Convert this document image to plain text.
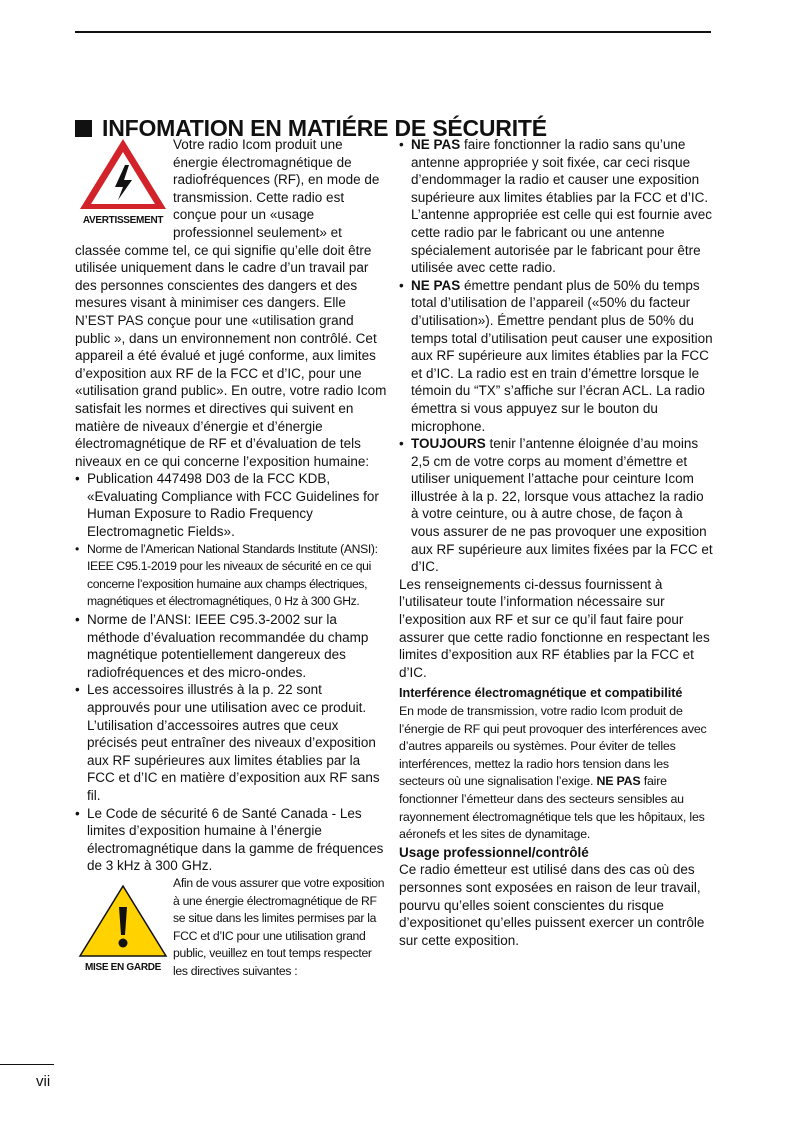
INFOMATION EN MATIÉRE DE SÉCURITÉ
AVERTISSEMENT

Votre radio Icom produit une énergie électromagnétique de radiofréquences (RF), en mode de transmission. Cette radio est conçue pour un «usage professionnel seulement» et classée comme tel, ce qui signifie qu’elle doit être utilisée uniquement dans le cadre d’un travail par des personnes conscientes des dangers et des mesures visant à minimiser ces dangers. Elle N’EST PAS conçue pour une «utilisation grand public », dans un environnement non contrôlé. Cet appareil a été évalué et jugé conforme, aux limites d’exposition aux RF de la FCC et d’IC, pour une «utilisation grand public». En outre, votre radio Icom satisfait les normes et directives qui suivent en matière de niveaux d’énergie et d’énergie électromagnétique de RF et d’évaluation de tels niveaux en ce qui concerne l’exposition humaine:

• Publication 447498 D03 de la FCC KDB, «Evaluating Compliance with FCC Guidelines for Human Exposure to Radio Frequency Electromagnetic Fields».
• Norme de l’American National Standards Institute (ANSI): IEEE C95.1-2019 pour les niveaux de sécurité en ce qui concerne l’exposition humaine aux champs électriques, magnétiques et électromagnétiques, 0 Hz à 300 GHz.
• Norme de l’ANSI: IEEE C95.3-2002 sur la méthode d’évaluation recommandée du champ magnétique potentiellement dangereux des radiofréquences et des micro-ondes.
• Les accessoires illustrés à la p. 22 sont approuvés pour une utilisation avec ce produit. L’utilisation d’accessoires autres que ceux précisés peut entraîner des niveaux d’exposition aux RF supérieures aux limites établies par la FCC et d’IC en matière d’exposition aux RF sans fil.
• Le Code de sécurité 6 de Santé Canada - Les limites d’exposition humaine à l’énergie électromagnétique dans la gamme de fréquences de 3 kHz à 300 GHz.
MISE EN GARDE

Afin de vous assurer que votre exposition à une énergie électromagnétique de RF se situe dans les limites permises par la FCC et d’IC pour une utilisation grand public, veuillez en tout temps respecter les directives suivantes :

• NE PAS faire fonctionner la radio sans qu’une antenne appropriée y soit fixée, car ceci risque d’endommager la radio et causer une exposition supérieure aux limites établies par la FCC et d’IC. L’antenne appropriée est celle qui est fournie avec cette radio par le fabricant ou une antenne spécialement autorisée par le fabricant pour être utilisée avec cette radio.
• NE PAS émettre pendant plus de 50% du temps total d’utilisation de l’appareil («50% du facteur d’utilisation»). Émettre pendant plus de 50% du temps total d’utilisation peut causer une exposition aux RF supérieure aux limites établies par la FCC et d’IC. La radio est en train d’émettre lorsque le témoin du “TX” s’affiche sur l’écran ACL. La radio émettra si vous appuyez sur le bouton du microphone.
• TOUJOURS tenir l’antenne éloignée d’au moins 2,5 cm de votre corps au moment d’émettre et utiliser uniquement l’attache pour ceinture Icom illustrée à la p. 22, lorsque vous attachez la radio à votre ceinture, ou à autre chose, de façon à vous assurer de ne pas provoquer une exposition aux RF supérieure aux limites fixées par la FCC et d’IC.

Les renseignements ci-dessus fournissent à l’utilisateur toute l’information nécessaire sur l’exposition aux RF et sur ce qu’il faut faire pour assurer que cette radio fonctionne en respectant les limites d’exposition aux RF établies par la FCC et d’IC.

Interférence électromagnétique et compatibilité

En mode de transmission, votre radio Icom produit de l’énergie de RF qui peut provoquer des interférences avec d’autres appareils ou systèmes. Pour éviter de telles interférences, mettez la radio hors tension dans les secteurs où une signalisation l’exige. NE PAS faire fonctionner l’émetteur dans des secteurs sensibles au rayonnement électromagnétique tels que les hôpitaux, les aéronefs et les sites de dynamitage.

Usage professionnel/contrôlé

Ce radio émetteur est utilisé dans des cas où des personnes sont exposées en raison de leur travail, pourvu qu’elles soient conscientes du risque d’expositionet qu’elles puissent exercer un contrôle sur cette exposition.

vii
